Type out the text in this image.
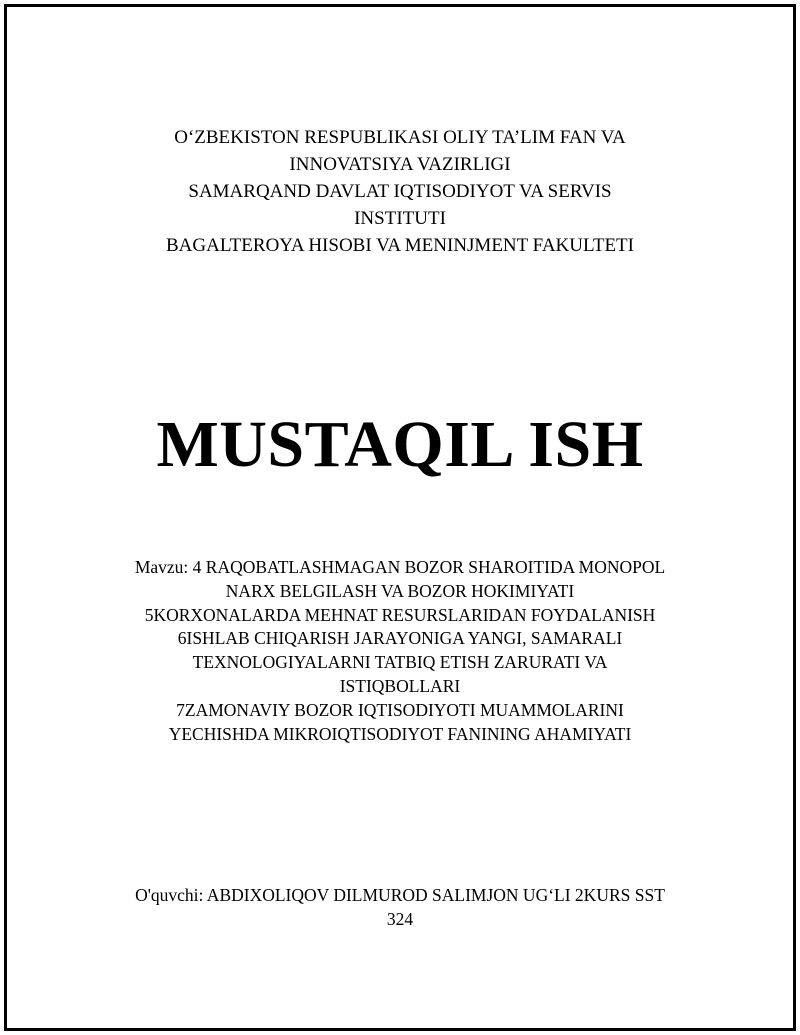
O‘ZBEKISTON RESPUBLIKASI OLIY TA’LIM FAN VA
INNOVATSIYA VAZIRLIGI
SAMARQAND DAVLAT IQTISODIYOT VA SERVIS
INSTITUTI
BAGALTEROYA HISOBI VA MENINJMENT FAKULTETI
MUSTAQIL ISH
Mavzu: 4 RAQOBATLASHMAGAN BOZOR SHAROITIDA MONOPOL
NARX BELGILASH VA BOZOR HOKIMIYATI
5KORXONALARDA MEHNAT RESURSLARIDAN FOYDALANISH
6ISHLAB CHIQARISH JARAYONIGA YANGI, SAMARALI
TEXNOLOGIYALARNI TATBIQ ETISH ZARURATI VA
ISTIQBOLLARI
7ZAMONAVIY BOZOR IQTISODIYOTI MUAMMOLARINI
YECHISHDA MIKROIQTISODIYOT FANINING AHAMIYATI
O'quvchi: ABDIXOLIQOV DILMUROD SALIMJON UG‘LI 2KURS SST
324
